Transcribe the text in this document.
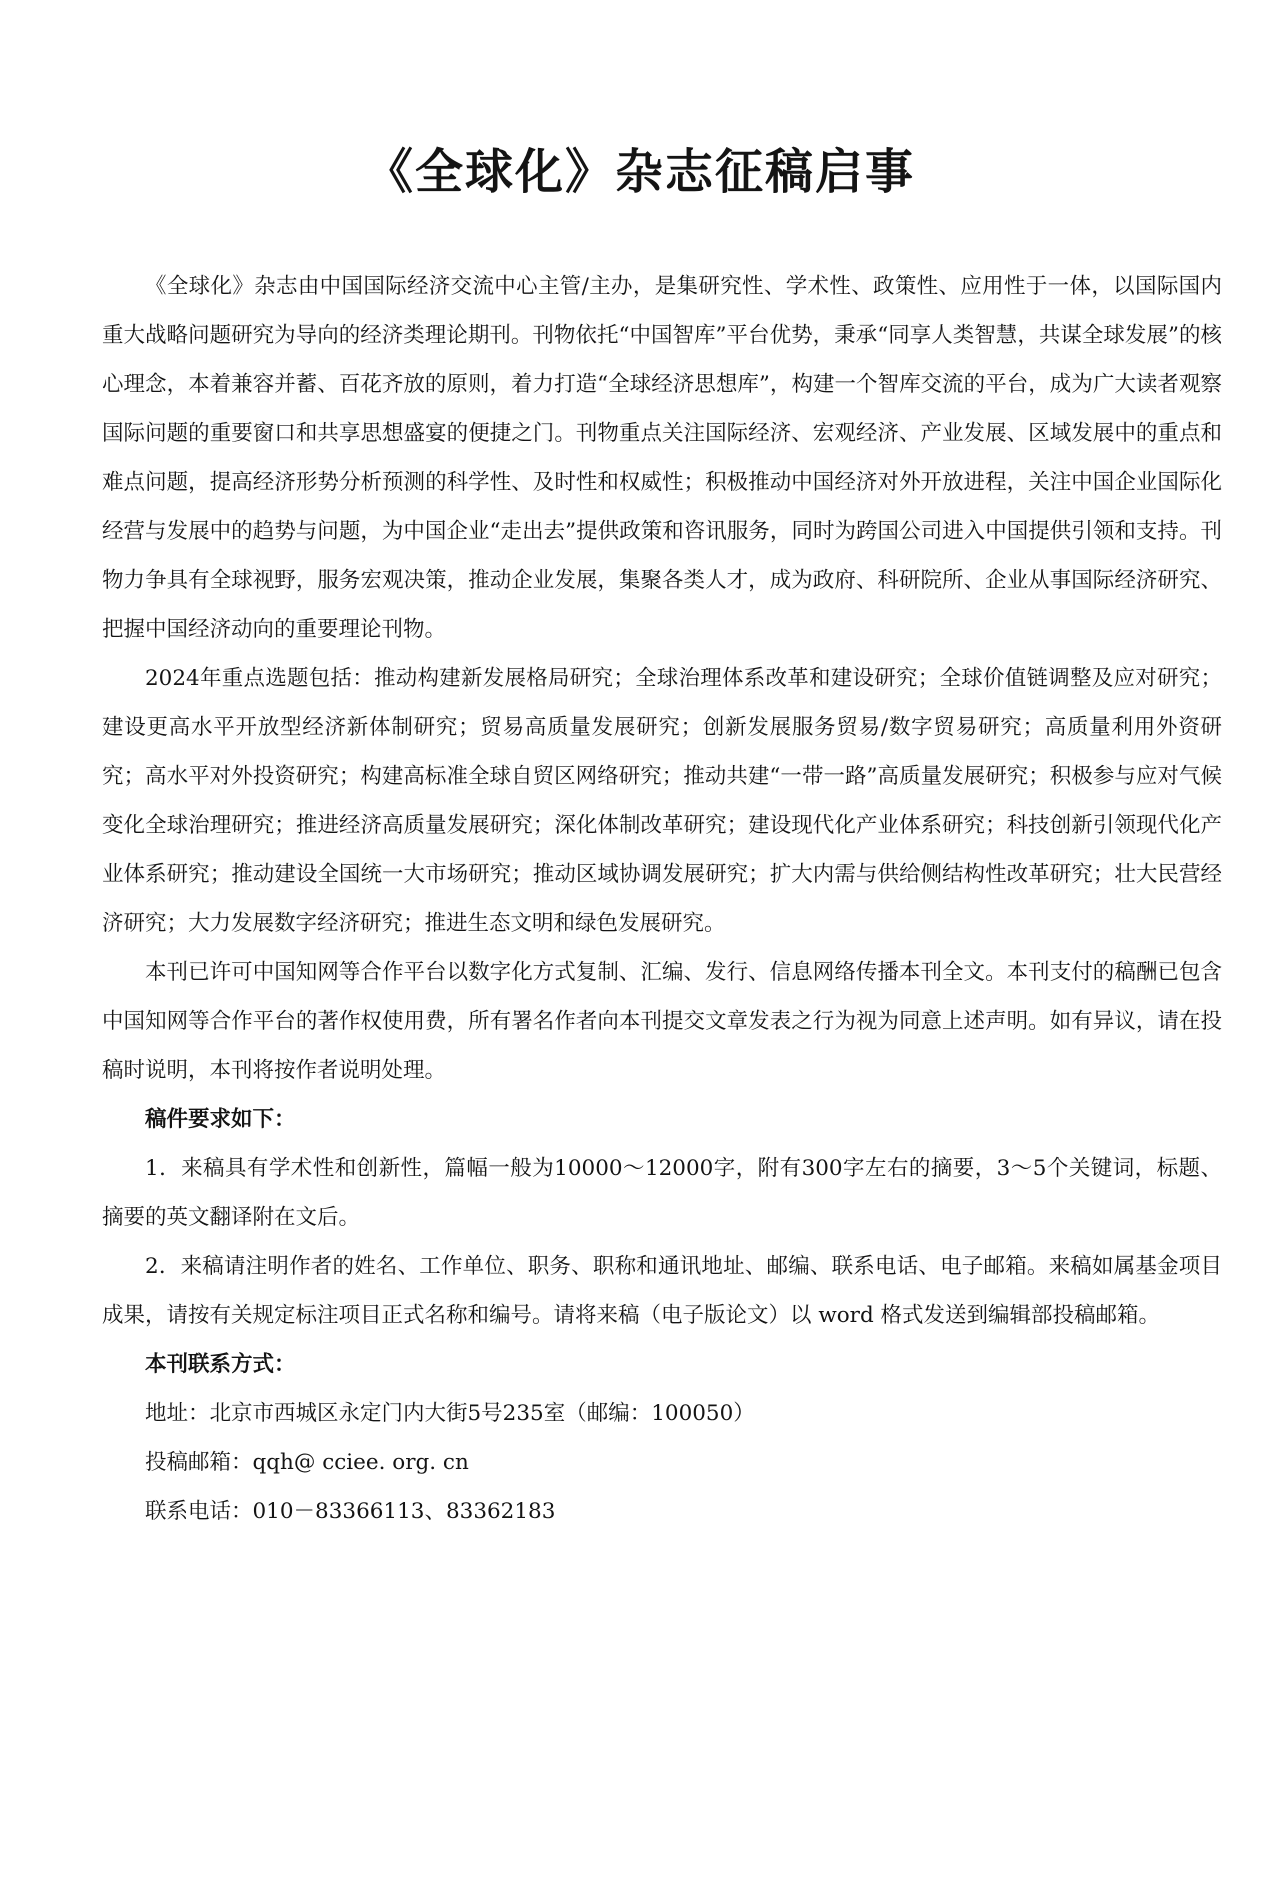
《全球化》杂志征稿启事

《全球化》杂志由中国国际经济交流中心主管/主办，是集研究性、学术性、政策性、应用性于一体，以国际国内重大战略问题研究为导向的经济类理论期刊。刊物依托“中国智库”平台优势，秉承“同享人类智慧，共谋全球发展”的核心理念，本着兼容并蓄、百花齐放的原则，着力打造“全球经济思想库”，构建一个智库交流的平台，成为广大读者观察国际问题的重要窗口和共享思想盛宴的便捷之门。刊物重点关注国际经济、宏观经济、产业发展、区域发展中的重点和难点问题，提高经济形势分析预测的科学性、及时性和权威性；积极推动中国经济对外开放进程，关注中国企业国际化经营与发展中的趋势与问题，为中国企业“走出去”提供政策和咨讯服务，同时为跨国公司进入中国提供引领和支持。刊物力争具有全球视野，服务宏观决策，推动企业发展，集聚各类人才，成为政府、科研院所、企业从事国际经济研究、把握中国经济动向的重要理论刊物。

2024年重点选题包括：推动构建新发展格局研究；全球治理体系改革和建设研究；全球价值链调整及应对研究；建设更高水平开放型经济新体制研究；贸易高质量发展研究；创新发展服务贸易/数字贸易研究；高质量利用外资研究；高水平对外投资研究；构建高标准全球自贸区网络研究；推动共建“一带一路”高质量发展研究；积极参与应对气候变化全球治理研究；推进经济高质量发展研究；深化体制改革研究；建设现代化产业体系研究；科技创新引领现代化产业体系研究；推动建设全国统一大市场研究；推动区域协调发展研究；扩大内需与供给侧结构性改革研究；壮大民营经济研究；大力发展数字经济研究；推进生态文明和绿色发展研究。

本刊已许可中国知网等合作平台以数字化方式复制、汇编、发行、信息网络传播本刊全文。本刊支付的稿酬已包含中国知网等合作平台的著作权使用费，所有署名作者向本刊提交文章发表之行为视为同意上述声明。如有异议，请在投稿时说明，本刊将按作者说明处理。

稿件要求如下：

1．来稿具有学术性和创新性，篇幅一般为10000～12000字，附有300字左右的摘要，3～5个关键词，标题、摘要的英文翻译附在文后。

2．来稿请注明作者的姓名、工作单位、职务、职称和通讯地址、邮编、联系电话、电子邮箱。来稿如属基金项目成果，请按有关规定标注项目正式名称和编号。请将来稿（电子版论文）以 word 格式发送到编辑部投稿邮箱。

本刊联系方式：

地址：北京市西城区永定门内大街5号235室（邮编：100050）

投稿邮箱：qqh@ cciee. org. cn

联系电话：010－83366113、83362183
